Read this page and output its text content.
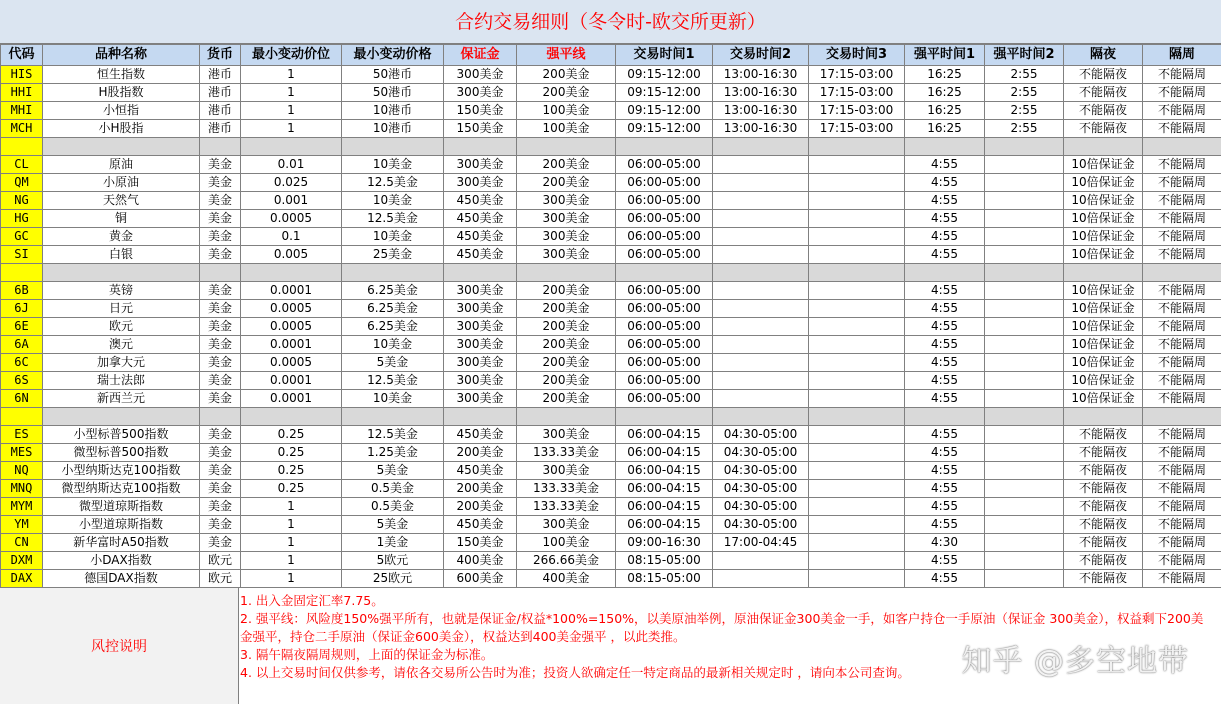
合约交易细则（冬令时-欧交所更新）
代码	品种名称	货币	最小变动价位	最小变动价格	保证金	强平线	交易时间1	交易时间2	交易时间3	强平时间1	强平时间2	隔夜	隔周
HIS	恒生指数	港币	1	50港币	300美金	200美金	09:15-12:00	13:00-16:30	17:15-03:00	16:25	2:55	不能隔夜	不能隔周
HHI	H股指数	港币	1	50港币	300美金	200美金	09:15-12:00	13:00-16:30	17:15-03:00	16:25	2:55	不能隔夜	不能隔周
MHI	小恒指	港币	1	10港币	150美金	100美金	09:15-12:00	13:00-16:30	17:15-03:00	16:25	2:55	不能隔夜	不能隔周
MCH	小H股指	港币	1	10港币	150美金	100美金	09:15-12:00	13:00-16:30	17:15-03:00	16:25	2:55	不能隔夜	不能隔周

CL	原油	美金	0.01	10美金	300美金	200美金	06:00-05:00			4:55		10倍保证金	不能隔周
QM	小原油	美金	0.025	12.5美金	300美金	200美金	06:00-05:00			4:55		10倍保证金	不能隔周
NG	天然气	美金	0.001	10美金	450美金	300美金	06:00-05:00			4:55		10倍保证金	不能隔周
HG	铜	美金	0.0005	12.5美金	450美金	300美金	06:00-05:00			4:55		10倍保证金	不能隔周
GC	黄金	美金	0.1	10美金	450美金	300美金	06:00-05:00			4:55		10倍保证金	不能隔周
SI	白银	美金	0.005	25美金	450美金	300美金	06:00-05:00			4:55		10倍保证金	不能隔周

6B	英镑	美金	0.0001	6.25美金	300美金	200美金	06:00-05:00			4:55		10倍保证金	不能隔周
6J	日元	美金	0.0005	6.25美金	300美金	200美金	06:00-05:00			4:55		10倍保证金	不能隔周
6E	欧元	美金	0.0005	6.25美金	300美金	200美金	06:00-05:00			4:55		10倍保证金	不能隔周
6A	澳元	美金	0.0001	10美金	300美金	200美金	06:00-05:00			4:55		10倍保证金	不能隔周
6C	加拿大元	美金	0.0005	5美金	300美金	200美金	06:00-05:00			4:55		10倍保证金	不能隔周
6S	瑞士法郎	美金	0.0001	12.5美金	300美金	200美金	06:00-05:00			4:55		10倍保证金	不能隔周
6N	新西兰元	美金	0.0001	10美金	300美金	200美金	06:00-05:00			4:55		10倍保证金	不能隔周

ES	小型标普500指数	美金	0.25	12.5美金	450美金	300美金	06:00-04:15	04:30-05:00		4:55		不能隔夜	不能隔周
MES	微型标普500指数	美金	0.25	1.25美金	200美金	133.33美金	06:00-04:15	04:30-05:00		4:55		不能隔夜	不能隔周
NQ	小型纳斯达克100指数	美金	0.25	5美金	450美金	300美金	06:00-04:15	04:30-05:00		4:55		不能隔夜	不能隔周
MNQ	微型纳斯达克100指数	美金	0.25	0.5美金	200美金	133.33美金	06:00-04:15	04:30-05:00		4:55		不能隔夜	不能隔周
MYM	微型道琼斯指数	美金	1	0.5美金	200美金	133.33美金	06:00-04:15	04:30-05:00		4:55		不能隔夜	不能隔周
YM	小型道琼斯指数	美金	1	5美金	450美金	300美金	06:00-04:15	04:30-05:00		4:55		不能隔夜	不能隔周
CN	新华富时A50指数	美金	1	1美金	150美金	100美金	09:00-16:30	17:00-04:45		4:30		不能隔夜	不能隔周
DXM	小DAX指数	欧元	1	5欧元	400美金	266.66美金	08:15-05:00			4:55		不能隔夜	不能隔周
DAX	德国DAX指数	欧元	1	25欧元	600美金	400美金	08:15-05:00			4:55		不能隔夜	不能隔周
风控说明
1. 出入金固定汇率7.75。
2. 强平线：风险度150%强平所有，也就是保证金/权益*100%=150%，以美原油举例，原油保证金300美金一手，如客户持仓一手原油（保证金 300美金），权益剩下200美金强平，持仓二手原油（保证金600美金），权益达到400美金强平 ，以此类推。
3. 隔午隔夜隔周规则，上面的保证金为标准。
4. 以上交易时间仅供参考，请依各交易所公告时为准；投资人欲确定任一特定商品的最新相关规定时 ，请向本公司查询。	知乎 @多空地带
